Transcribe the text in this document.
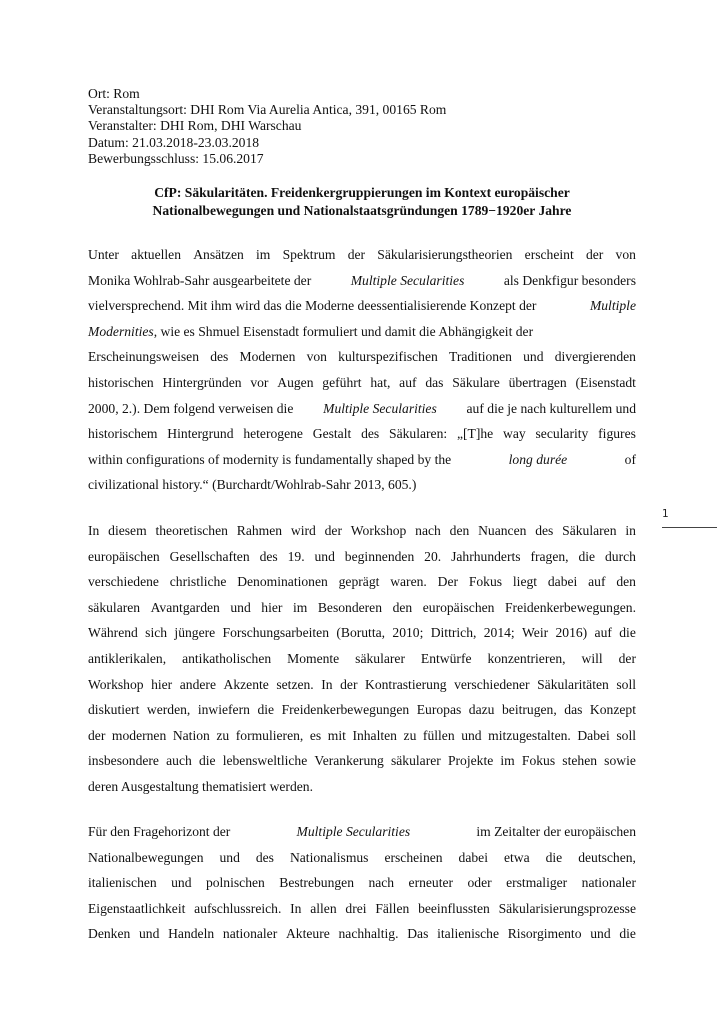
Ort: Rom
Veranstaltungsort: DHI Rom Via Aurelia Antica, 391, 00165 Rom
Veranstalter: DHI Rom, DHI Warschau
Datum: 21.03.2018-23.03.2018
Bewerbungsschluss: 15.06.2017
CfP: Säkularitäten. Freidenkergruppierungen im Kontext europäischer
Nationalbewegungen und Nationalstaatsgründungen 1789−1920er Jahre
Unter aktuellen Ansätzen im Spektrum der Säkularisierungstheorien erscheint der von
Monika Wohlrab-Sahr ausgearbeitete der	Multiple Secularities	als Denkfigur besonders
vielversprechend. Mit ihm wird das die Moderne deessentialisierende Konzept der	Multiple
Modernities, wie es Shmuel Eisenstadt formuliert und damit die Abhängigkeit der
Erscheinungsweisen des Modernen von kulturspezifischen Traditionen und divergierenden
historischen Hintergründen vor Augen geführt hat, auf das Säkulare übertragen (Eisenstadt
2000, 2.). Dem folgend verweisen die Multiple Secularities auf die je nach kulturellem und
historischem Hintergrund heterogene Gestalt des Säkularen: „[T]he way secularity figures
within configurations of modernity is fundamentally shaped by the	long durée	of
civilizational history.“ (Burchardt/Wohlrab-Sahr 2013, 605.)
In diesem theoretischen Rahmen wird der Workshop nach den Nuancen des Säkularen in
europäischen Gesellschaften des 19. und beginnenden 20. Jahrhunderts fragen, die durch
verschiedene christliche Denominationen geprägt waren. Der Fokus liegt dabei auf den
säkularen Avantgarden und hier im Besonderen den europäischen Freidenkerbewegungen.
Während sich jüngere Forschungsarbeiten (Borutta, 2010; Dittrich, 2014; Weir 2016) auf die
antiklerikalen, antikatholischen Momente säkularer Entwürfe konzentrieren, will der
Workshop hier andere Akzente setzen. In der Kontrastierung verschiedener Säkularitäten soll
diskutiert werden, inwiefern die Freidenkerbewegungen Europas dazu beitrugen, das Konzept
der modernen Nation zu formulieren, es mit Inhalten zu füllen und mitzugestalten. Dabei soll
insbesondere auch die lebensweltliche Verankerung säkularer Projekte im Fokus stehen sowie
deren Ausgestaltung thematisiert werden.
Für den Fragehorizont der	Multiple Secularities	im Zeitalter der europäischen
Nationalbewegungen und des Nationalismus erscheinen dabei etwa die deutschen,
italienischen und polnischen Bestrebungen nach erneuter oder erstmaliger nationaler
Eigenstaatlichkeit aufschlussreich. In allen drei Fällen beeinflussten Säkularisierungsprozesse
Denken und Handeln nationaler Akteure nachhaltig. Das italienische Risorgimento und die
1
